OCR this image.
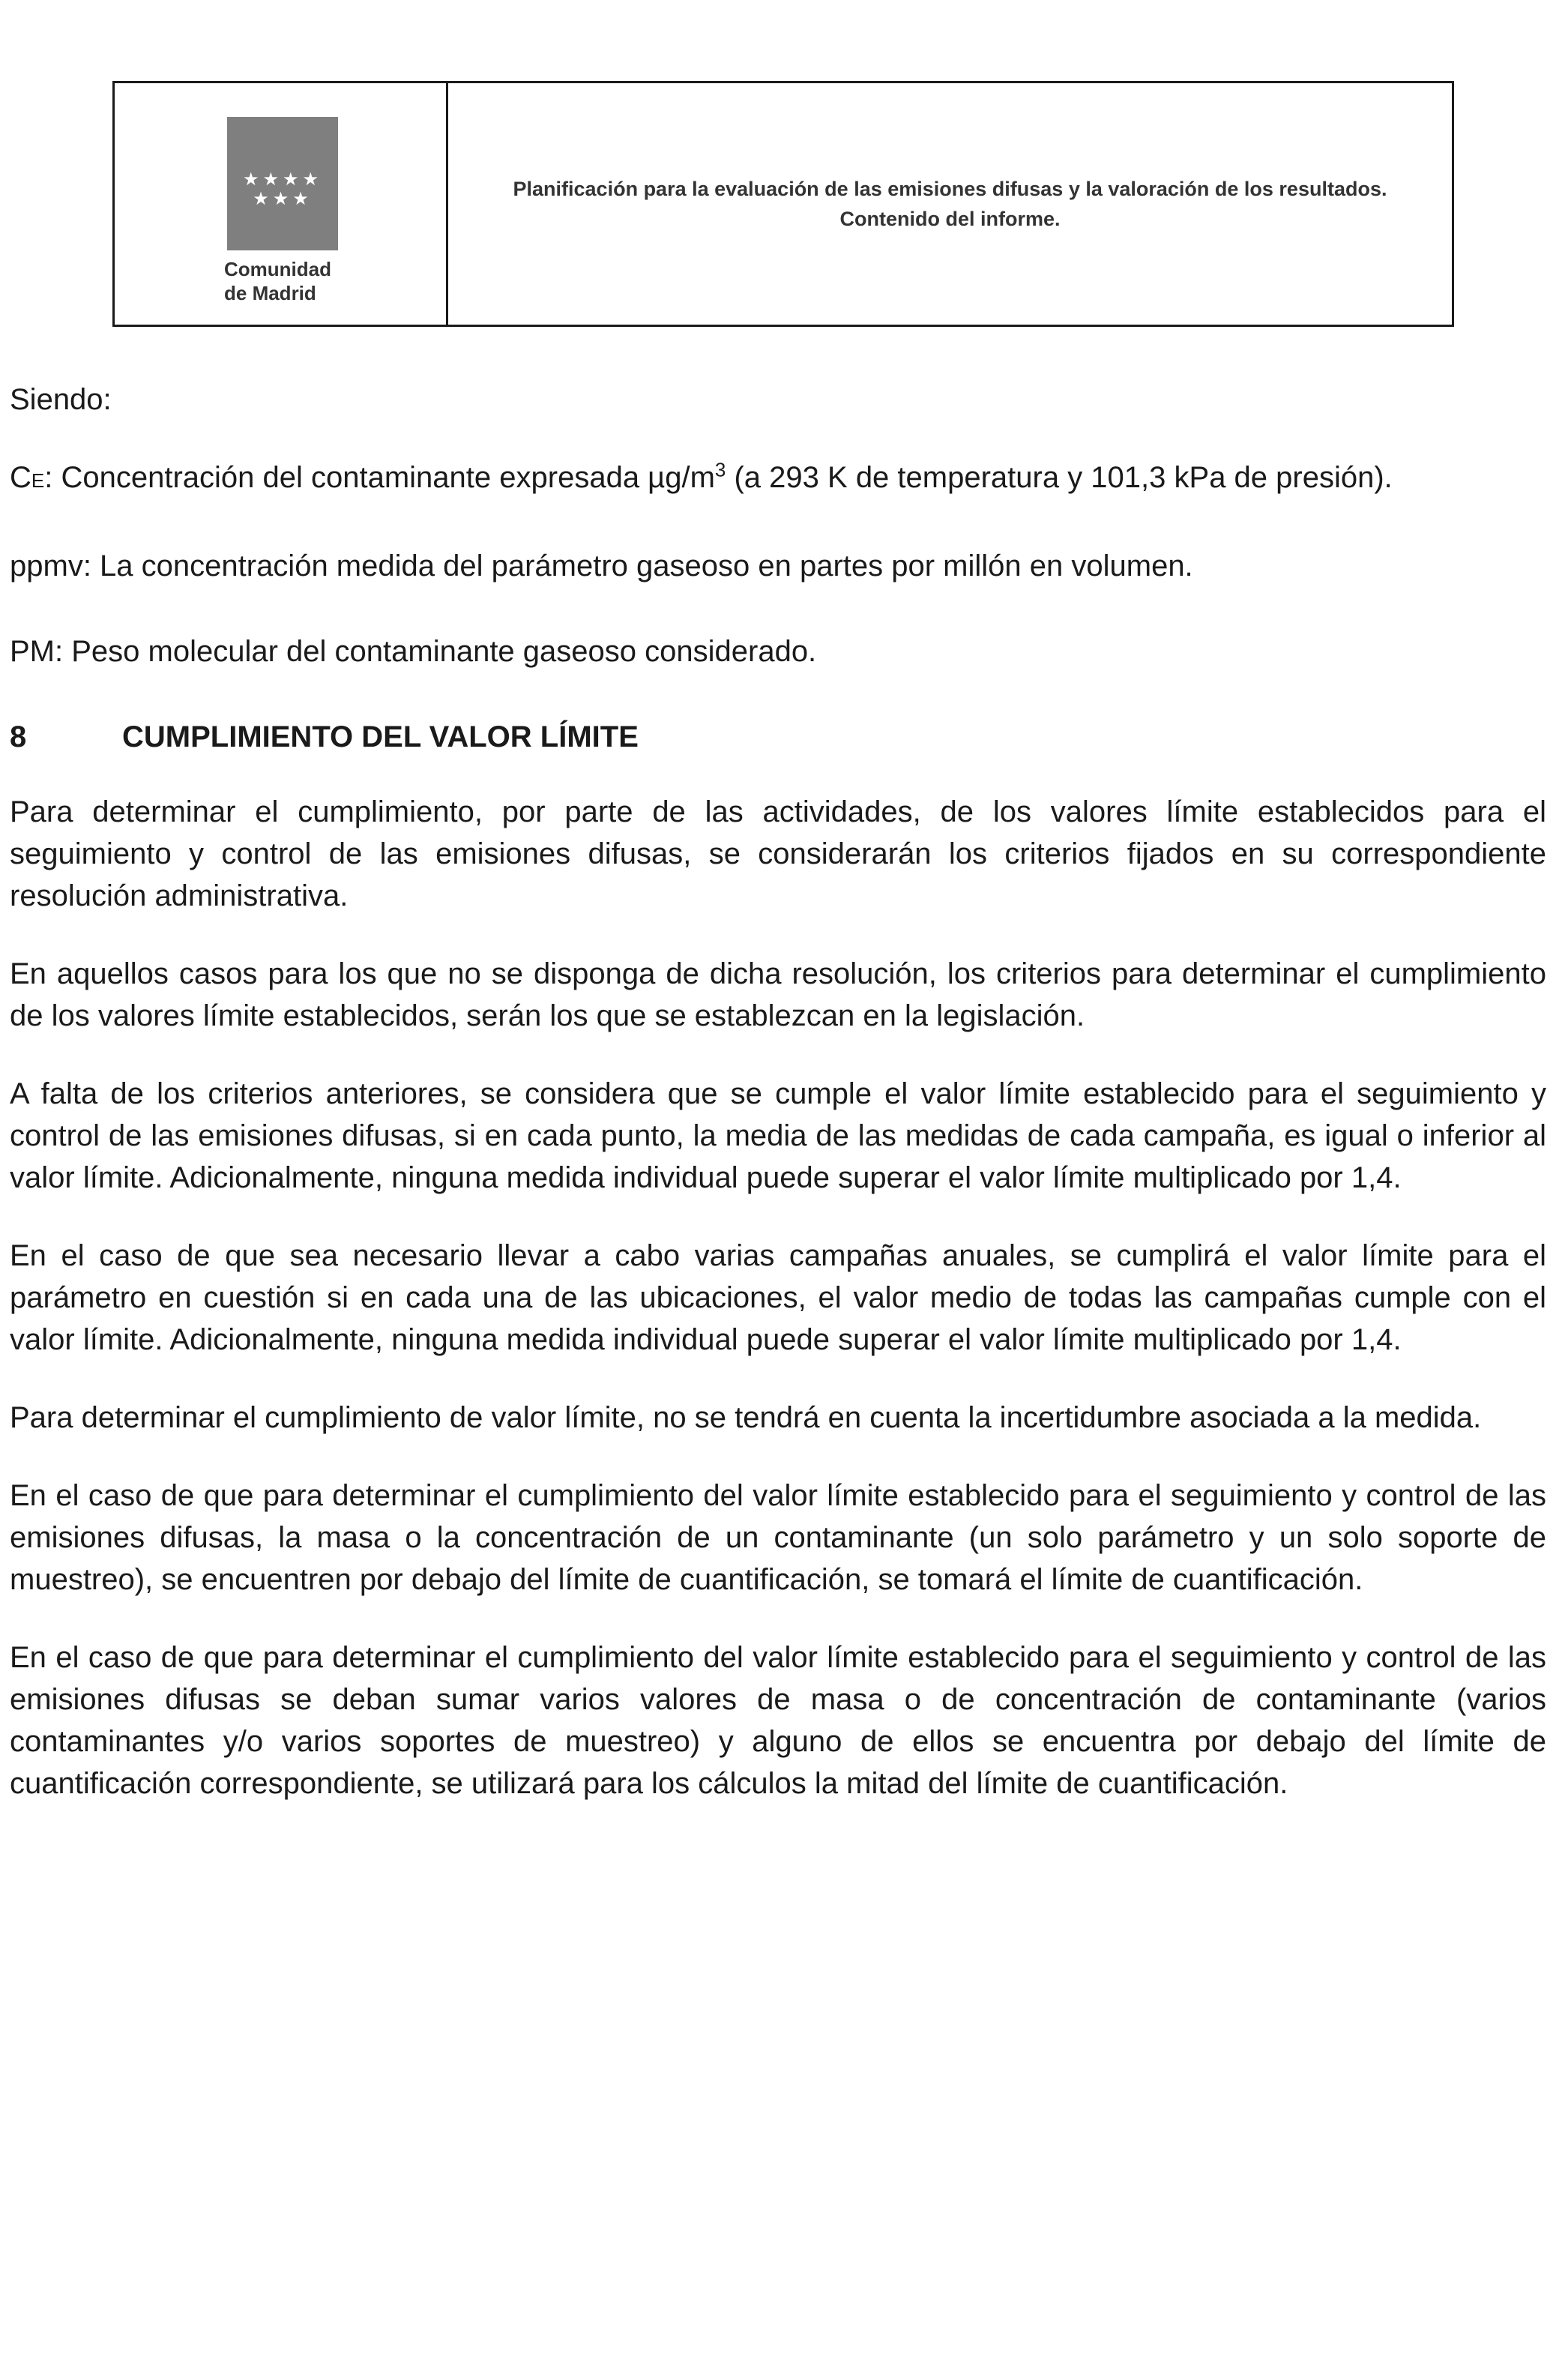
★★★★
★★★
Comunidad
de Madrid
Planificación para la evaluación de las emisiones difusas y la valoración de los resultados. Contenido del informe.

Siendo:

CE: Concentración del contaminante expresada $\mu g/m^3$ (a 293 K de temperatura y 101,3 kPa de presión).

ppmv: La concentración medida del parámetro gaseoso en partes por millón en volumen.

PM: Peso molecular del contaminante gaseoso considerado.

8	CUMPLIMIENTO DEL VALOR LÍMITE

Para determinar el cumplimiento, por parte de las actividades, de los valores límite establecidos para el seguimiento y control de las emisiones difusas, se considerarán los criterios fijados en su correspondiente resolución administrativa.

En aquellos casos para los que no se disponga de dicha resolución, los criterios para determinar el cumplimiento de los valores límite establecidos, serán los que se establezcan en la legislación.

A falta de los criterios anteriores, se considera que se cumple el valor límite establecido para el seguimiento y control de las emisiones difusas, si en cada punto, la media de las medidas de cada campaña, es igual o inferior al valor límite. Adicionalmente, ninguna medida individual puede superar el valor límite multiplicado por 1,4.

En el caso de que sea necesario llevar a cabo varias campañas anuales, se cumplirá el valor límite para el parámetro en cuestión si en cada una de las ubicaciones, el valor medio de todas las campañas cumple con el valor límite. Adicionalmente, ninguna medida individual puede superar el valor límite multiplicado por 1,4.

Para determinar el cumplimiento de valor límite, no se tendrá en cuenta la incertidumbre asociada a la medida.

En el caso de que para determinar el cumplimiento del valor límite establecido para el seguimiento y control de las emisiones difusas, la masa o la concentración de un contaminante (un solo parámetro y un solo soporte de muestreo), se encuentren por debajo del límite de cuantificación, se tomará el límite de cuantificación.

En el caso de que para determinar el cumplimiento del valor límite establecido para el seguimiento y control de las emisiones difusas se deban sumar varios valores de masa o de concentración de contaminante (varios contaminantes y/o varios soportes de muestreo) y alguno de ellos se encuentra por debajo del límite de cuantificación correspondiente, se utilizará para los cálculos la mitad del límite de cuantificación.
